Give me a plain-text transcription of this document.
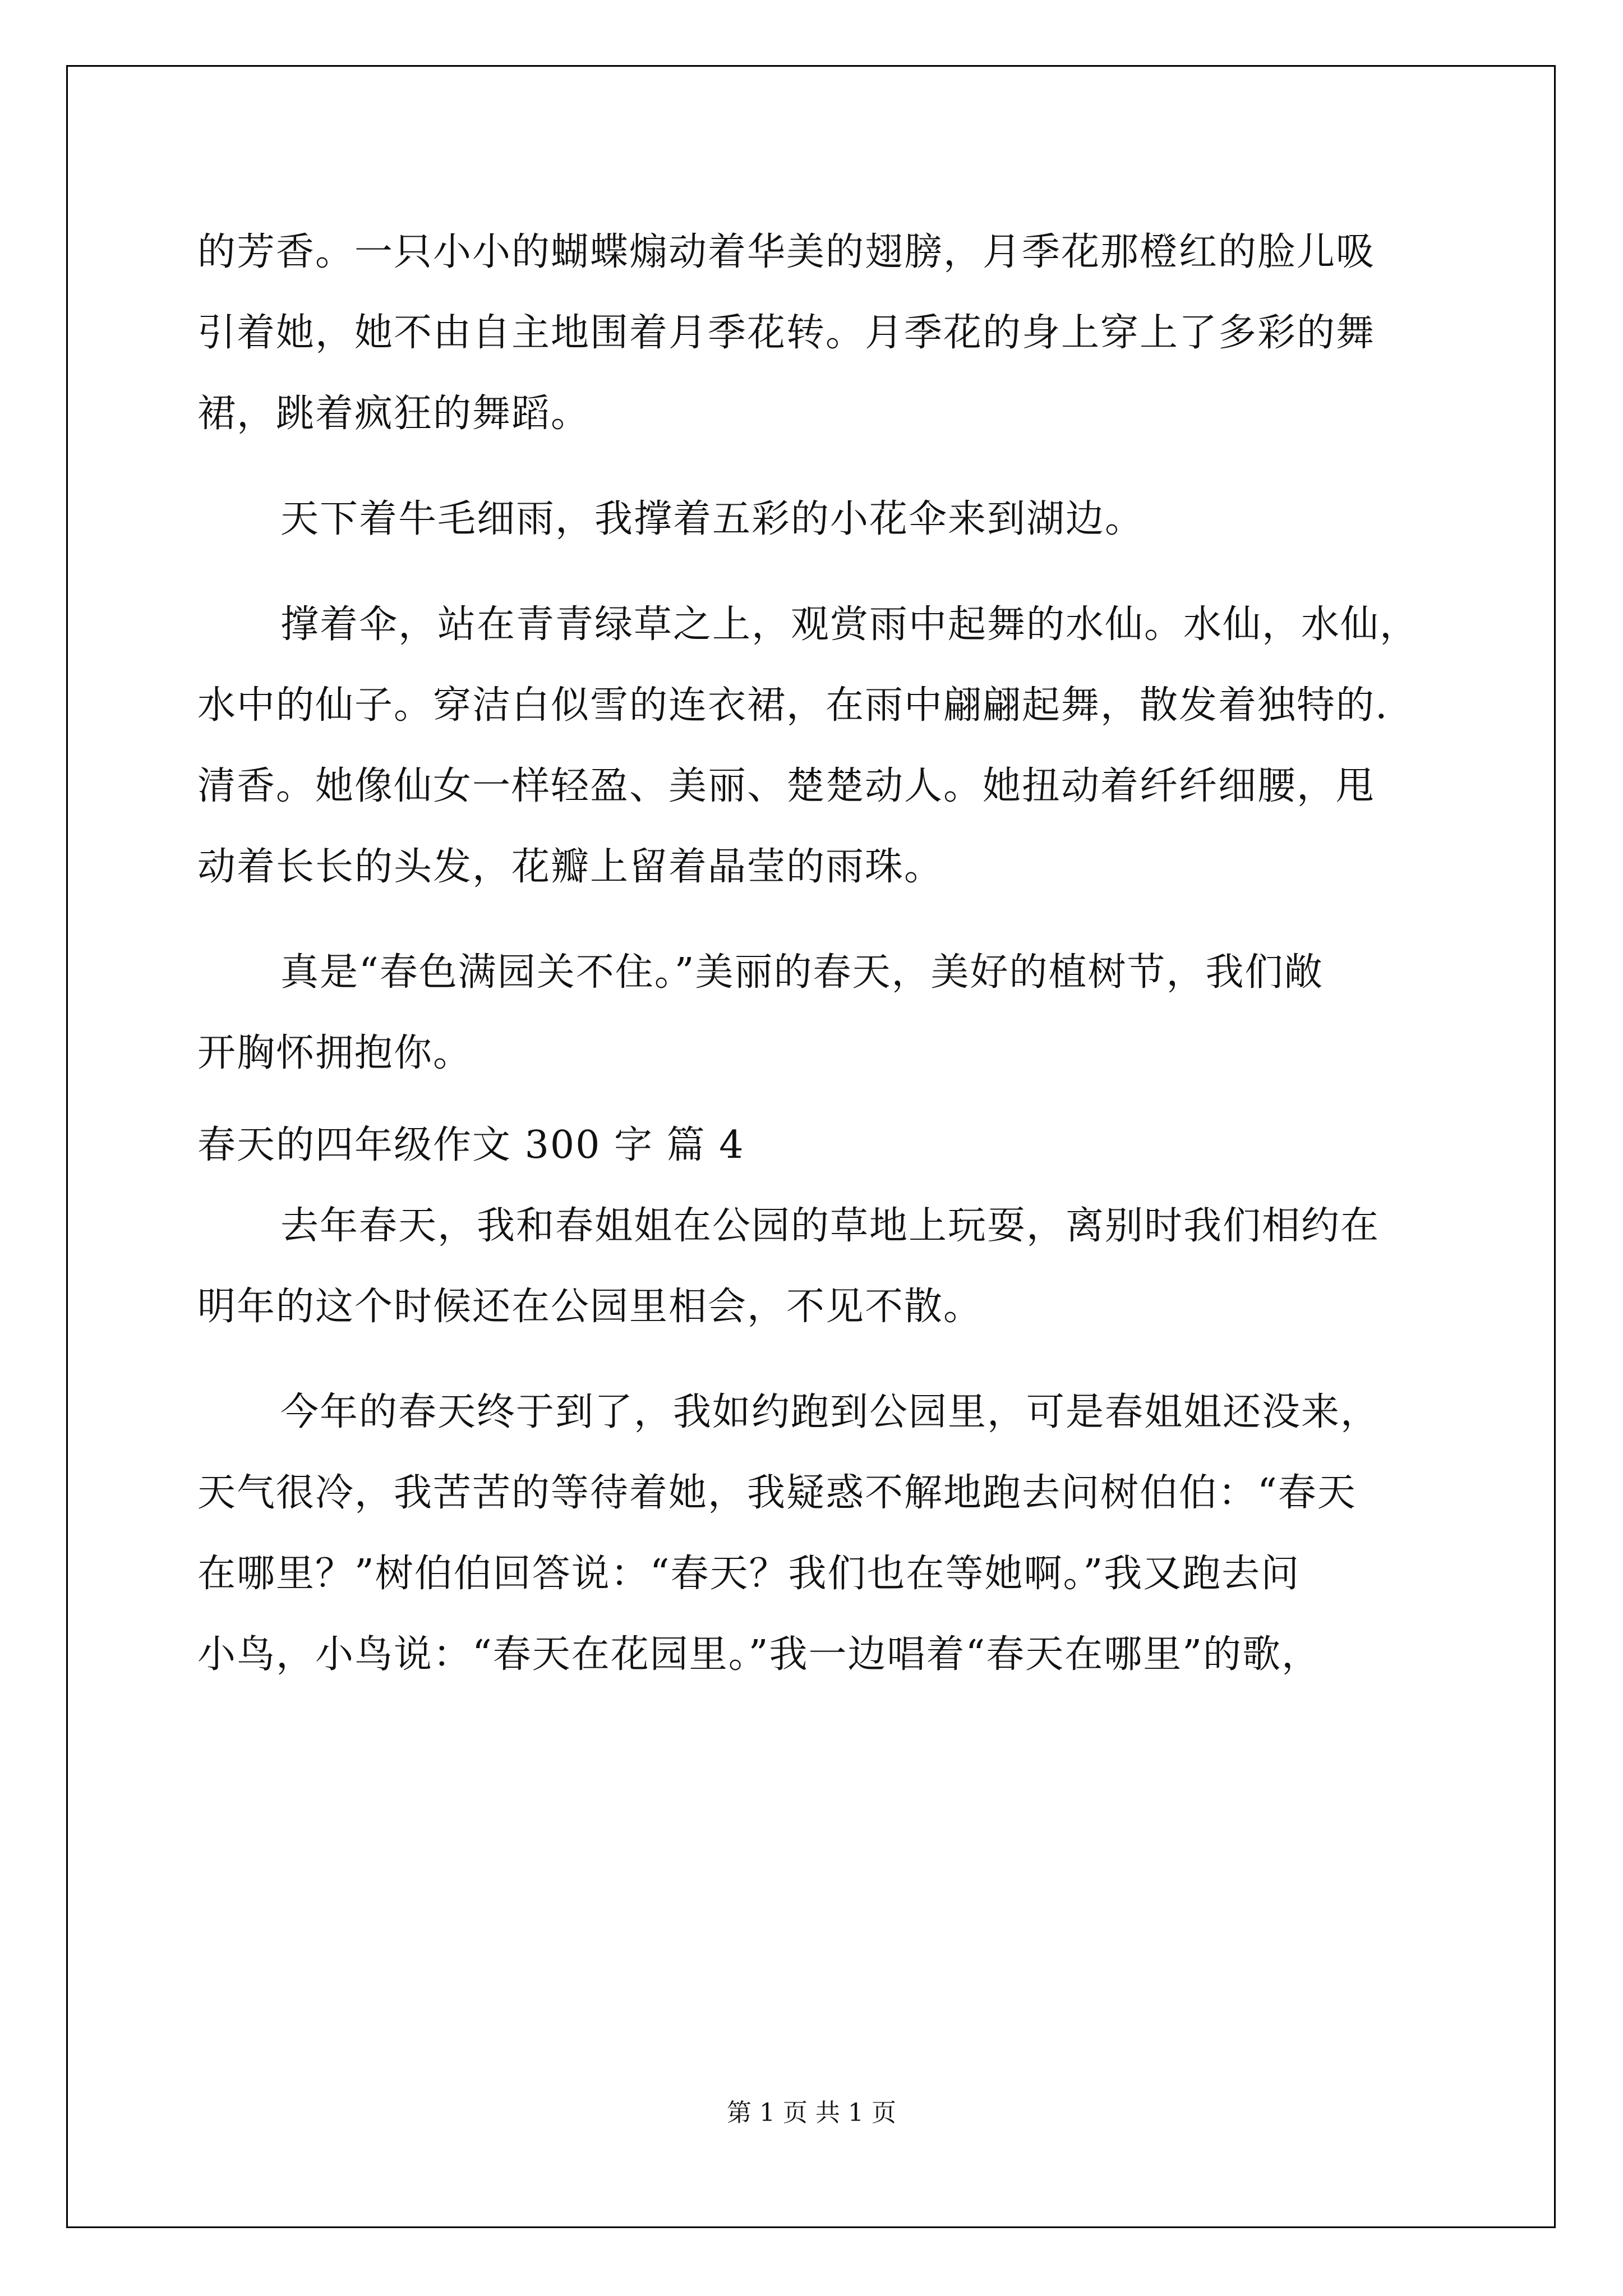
的芳香。一只小小的蝴蝶煽动着华美的翅膀，月季花那橙红的脸儿吸
引着她，她不由自主地围着月季花转。月季花的身上穿上了多彩的舞
裙，跳着疯狂的舞蹈。
天下着牛毛细雨，我撑着五彩的小花伞来到湖边。
撑着伞，站在青青绿草之上，观赏雨中起舞的水仙。水仙，水仙，
水中的仙子。穿洁白似雪的连衣裙，在雨中翩翩起舞，散发着独特的.
清香。她像仙女一样轻盈、美丽、楚楚动人。她扭动着纤纤细腰，甩
动着长长的头发，花瓣上留着晶莹的雨珠。
真是“春色满园关不住。”美丽的春天，美好的植树节，我们敞
开胸怀拥抱你。
春天的四年级作文 300 字 篇 4
去年春天，我和春姐姐在公园的草地上玩耍，离别时我们相约在
明年的这个时候还在公园里相会，不见不散。
今年的春天终于到了，我如约跑到公园里，可是春姐姐还没来，
天气很冷，我苦苦的等待着她，我疑惑不解地跑去问树伯伯：“春天
在哪里？”树伯伯回答说：“春天？我们也在等她啊。”我又跑去问
小鸟，小鸟说：“春天在花园里。”我一边唱着“春天在哪里”的歌，
第 1 页 共 1 页
